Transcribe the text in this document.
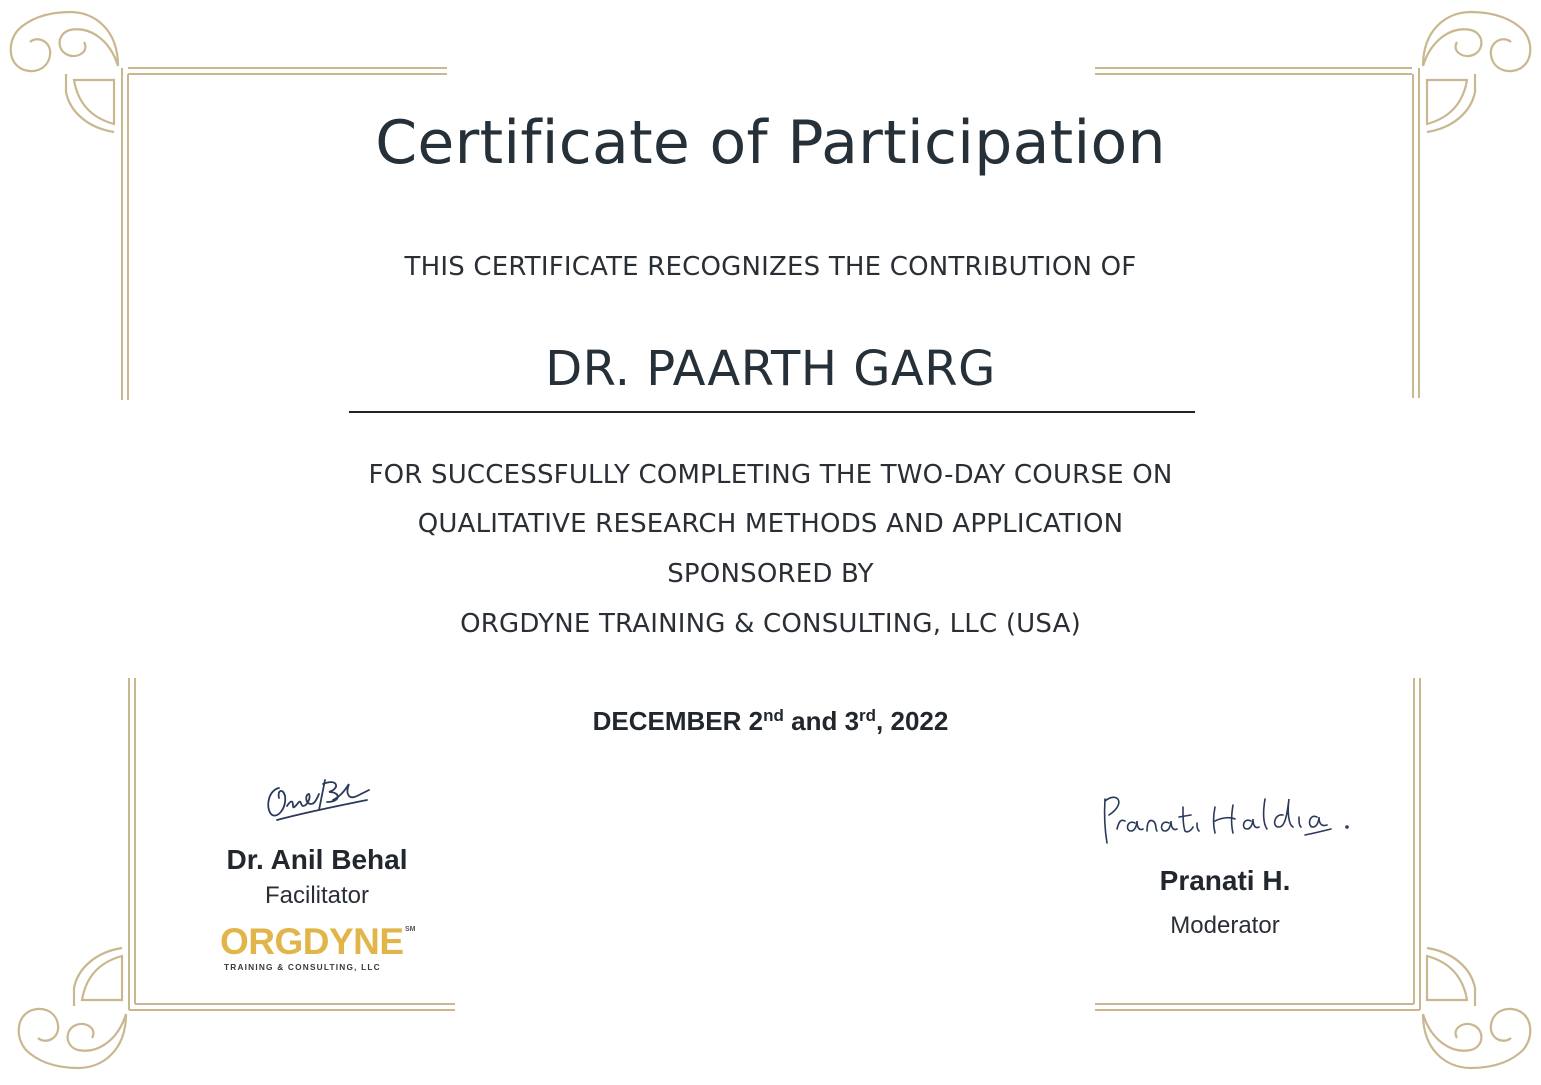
Certificate of Participation
THIS CERTIFICATE RECOGNIZES THE CONTRIBUTION OF
DR. PAARTH GARG
FOR SUCCESSFULLY COMPLETING THE TWO-DAY COURSE ON
QUALITATIVE RESEARCH METHODS AND APPLICATION
SPONSORED BY
ORGDYNE TRAINING & CONSULTING, LLC (USA)
DECEMBER 2nd and 3rd, 2022
Dr. Anil Behal
Facilitator
ORGDYNE SM
TRAINING & CONSULTING, LLC
Pranati H.
Moderator
